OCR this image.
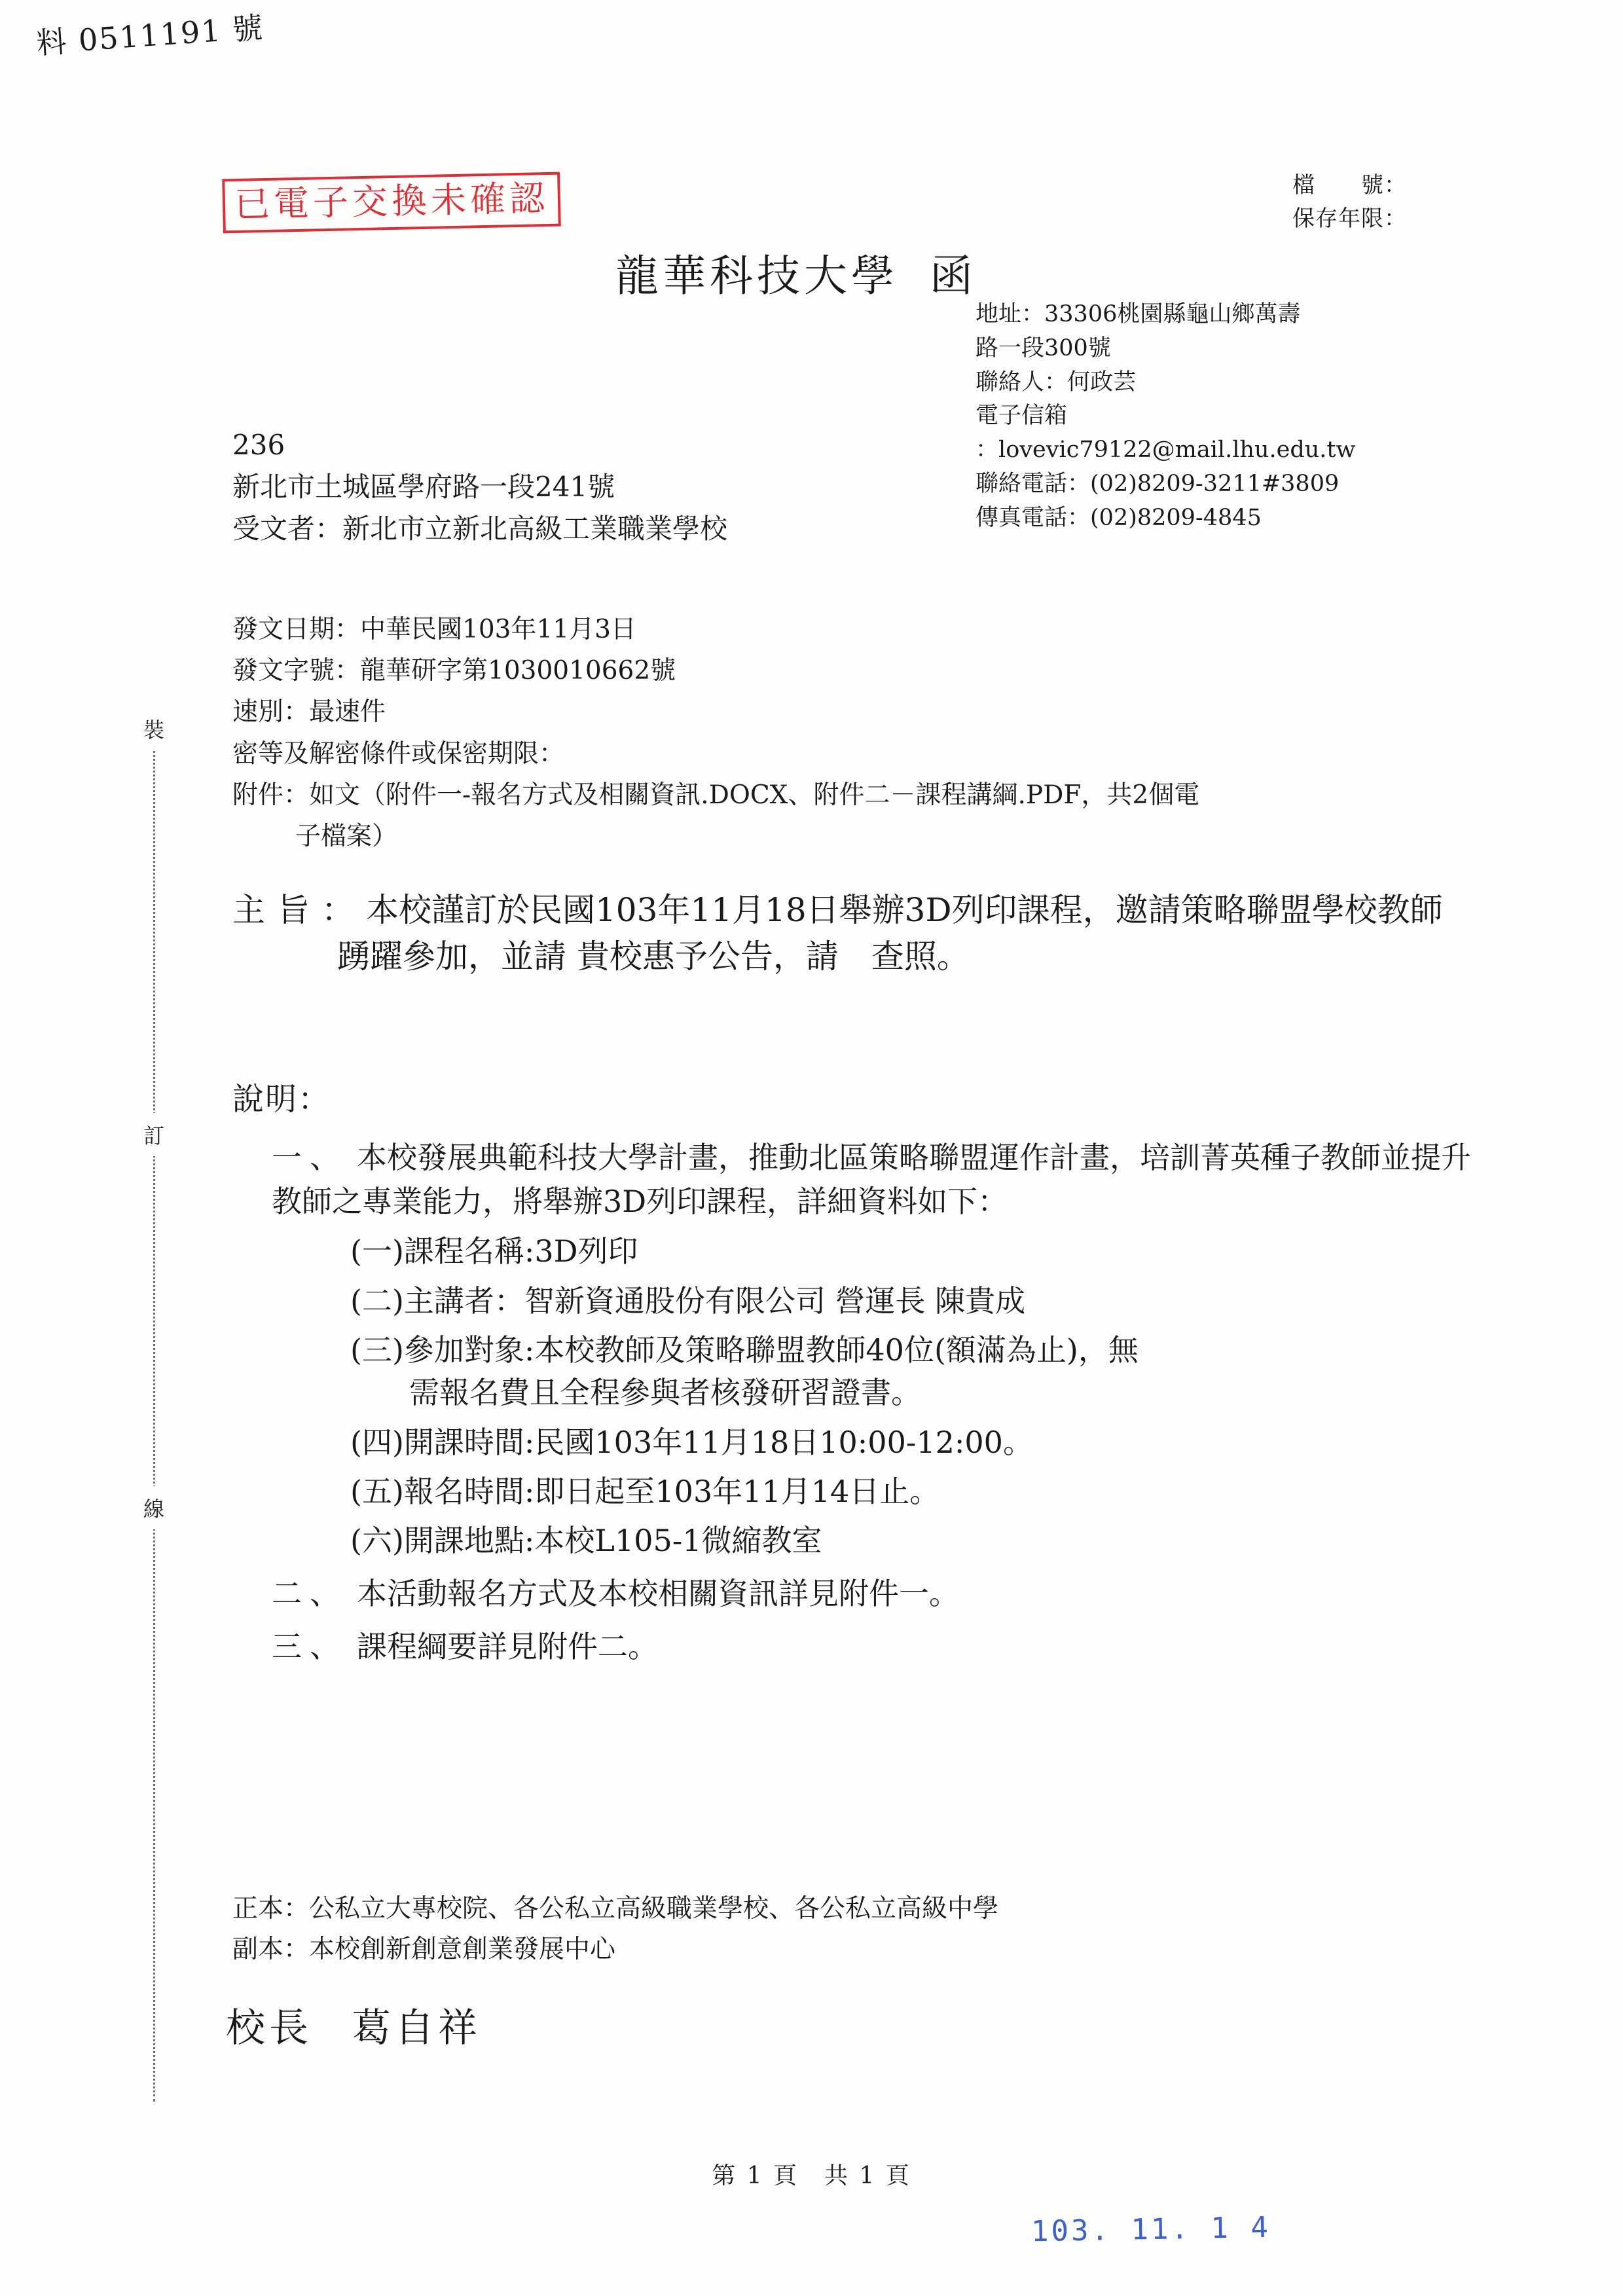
料 0511191 號
已電子交換未確認	檔　　號：
保存年限：
龍華科技大學 函
地址：33306桃園縣龜山鄉萬壽
路一段300號
聯絡人：何政芸
電子信箱
：lovevic79122@mail.lhu.edu.tw
聯絡電話：(02)8209-3211#3809
傳真電話：(02)8209-4845
236
新北市土城區學府路一段241號
受文者：新北市立新北高級工業職業學校
發文日期：中華民國103年11月3日
發文字號：龍華研字第1030010662號
速別：最速件
密等及解密條件或保密期限：
附件：如文（附件一-報名方式及相關資訊.DOCX、附件二－課程講綱.PDF，共2個電
子檔案）
主旨： 本校謹訂於民國103年11月18日舉辦3D列印課程，邀請策略聯盟學校教師踴躍參加，並請 貴校惠予公告，請　查照。
說明：
一、 本校發展典範科技大學計畫，推動北區策略聯盟運作計畫，培訓菁英種子教師並提升教師之專業能力，將舉辦3D列印課程，詳細資料如下：
(一)課程名稱:3D列印
(二)主講者：智新資通股份有限公司 營運長 陳貴成
(三)參加對象:本校教師及策略聯盟教師40位(額滿為止)，無
需報名費且全程參與者核發研習證書。
(四)開課時間:民國103年11月18日10:00-12:00。
(五)報名時間:即日起至103年11月14日止。
(六)開課地點:本校L105-1微縮教室
二、 本活動報名方式及本校相關資訊詳見附件一。
三、 課程綱要詳見附件二。
正本：公私立大專校院、各公私立高級職業學校、各公私立高級中學
副本：本校創新創意創業發展中心
校長 葛自祥
第 1 頁　共 1 頁
103. 11. 1 4
裝
訂
線
